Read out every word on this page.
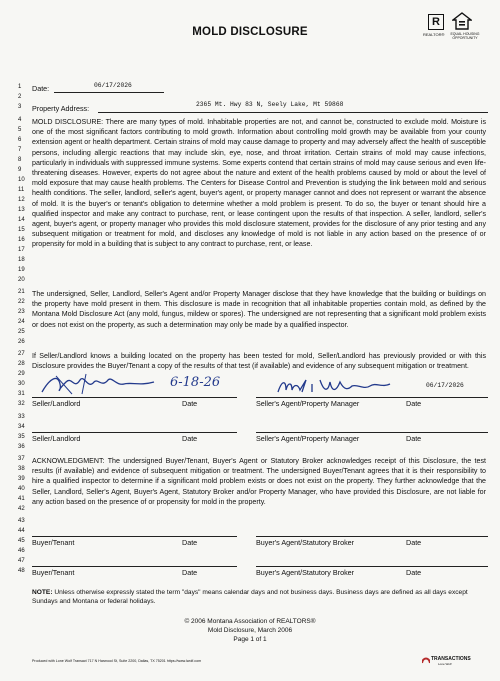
MOLD DISCLOSURE
R
REALTOR®	EQUAL HOUSING OPPORTUNITY
1
2
3
4
5
6
7
8
9
10
11
12
13
14
15
16
17
18
19
20
21
22
23
24
25
26
27
28
29
30
31
32
33
34
35
36
37
38
39
40
41
42
43
44
45
46
47
48
Date:	06/17/2026
Property Address:	2365 Mt. Hwy 83 N, Seely Lake, Mt 59868
MOLD DISCLOSURE: There are many types of mold. Inhabitable properties are not, and cannot be, constructed to exclude mold. Moisture is one of the most significant factors contributing to mold growth. Information about controlling mold growth may be available from your county extension agent or health department. Certain strains of mold may cause damage to property and may adversely affect the health of susceptible persons, including allergic reactions that may include skin, eye, nose, and throat irritation. Certain strains of mold may cause infections, particularly in individuals with suppressed immune systems. Some experts contend that certain strains of mold may cause serious and even life-threatening diseases. However, experts do not agree about the nature and extent of the health problems caused by mold or about the level of mold exposure that may cause health problems. The Centers for Disease Control and Prevention is studying the link between mold and serious health conditions. The seller, landlord, seller's agent, buyer's agent, or property manager cannot and does not represent or warrant the absence of mold. It is the buyer's or tenant's obligation to determine whether a mold problem is present. To do so, the buyer or tenant should hire a qualified inspector and make any contract to purchase, rent, or lease contingent upon the results of that inspection. A seller, landlord, seller's agent, buyer's agent, or property manager who provides this mold disclosure statement, provides for the disclosure of any prior testing and any subsequent mitigation or treatment for mold, and discloses any knowledge of mold is not liable in any action based on the presence of or propensity for mold in a building that is subject to any contract to purchase, rent, or lease.
The undersigned, Seller, Landlord, Seller's Agent and/or Property Manager disclose that they have knowledge that the building or buildings on the property have mold present in them. This disclosure is made in recognition that all inhabitable properties contain mold, as defined by the Montana Mold Disclosure Act (any mold, fungus, mildew or spores). The undersigned are not representing that a significant mold problem exists or does not exist on the property, as such a determination may only be made by a qualified inspector.
If Seller/Landlord knows a building located on the property has been tested for mold, Seller/Landlord has previously provided or with this Disclosure provides the Buyer/Tenant a copy of the results of that test (if available) and evidence of any subsequent mitigation or treatment.
6-18-26	06/17/2026
Seller/Landlord	Date	Seller's Agent/Property Manager	Date
Seller/Landlord	Date	Seller's Agent/Property Manager	Date
ACKNOWLEDGMENT: The undersigned Buyer/Tenant, Buyer's Agent or Statutory Broker acknowledges receipt of this Disclosure, the test results (if available) and evidence of subsequent mitigation or treatment. The undersigned Buyer/Tenant agrees that it is their responsibility to hire a qualified inspector to determine if a significant mold problem exists or does not exist on the property. They further acknowledge that the Seller, Landlord, Seller's Agent, Buyer's Agent, Statutory Broker and/or Property Manager, who have provided this Disclosure, are not liable for any action based on the presence of or propensity for mold in the property.
Buyer/Tenant	Date	Buyer's Agent/Statutory Broker	Date
Buyer/Tenant	Date	Buyer's Agent/Statutory Broker	Date
NOTE: Unless otherwise expressly stated the term "days" means calendar days and not business days. Business days are defined as all days except Sundays and Montana or federal holidays.
© 2006 Montana Association of REALTORS®
Mold Disclosure, March 2006
Page 1 of 1
Produced with Lone Wolf Transact 717 N Harwood St, Suite 2200, Dallas, TX 75201 https://www.lwolf.com	TRANSACTIONS
Lone Wolf
